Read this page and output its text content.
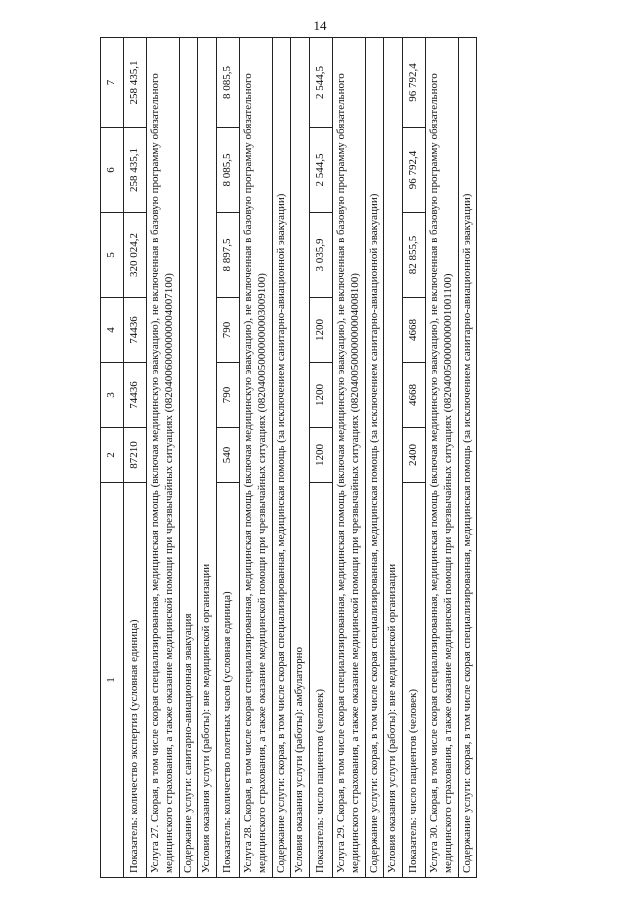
14
1	2	3	4	5	6	7
Показатель: количество экспертиз (условная единица)	87210	74436	74436	320 024,2	258 435,1	258 435,1
Услуга 27. Скорая, в том числе скорая специализированная, медицинская помощь (включая медицинскую эвакуацию), не включенная в базовую программу обязательного медицинского страхования, а также оказание медицинской помощи при чрезвычайных ситуациях (082040060000000004007100)						
Содержание услуги: санитарно-авиационная эвакуация						
Условия оказания услуги (работы): вне медицинской организации						
Показатель: количество полетных часов (условная единица)	540	790	790	8 897,5	8 085,5	8 085,5
Услуга 28. Скорая, в том числе скорая специализированная, медицинская помощь (включая медицинскую эвакуацию), не включенная в базовую программу обязательного медицинского страхования, а также оказание медицинской помощи при чрезвычайных ситуациях (082040050000000003009100)						
Содержание услуги: скорая, в том числе скорая специализированная, медицинская помощь (за исключением санитарно-авиационной эвакуации)						
Условия оказания услуги (работы): амбулаторно						
Показатель: число пациентов (человек)	1200	1200	1200	3 035,9	2 544,5	2 544,5
Услуга 29. Скорая, в том числе скорая специализированная, медицинская помощь (включая медицинскую эвакуацию), не включенная в базовую программу обязательного медицинского страхования, а также оказание медицинской помощи при чрезвычайных ситуациях (082040050000000004008100)						
Содержание услуги: скорая, в том числе скорая специализированная, медицинская помощь (за исключением санитарно-авиационной эвакуации)						
Условия оказания услуги (работы): вне медицинской организации						
Показатель: число пациентов (человек)	2400	4668	4668	82 855,5	96 792,4	96 792,4
Услуга 30. Скорая, в том числе скорая специализированная, медицинская помощь (включая медицинскую эвакуацию), не включенная в базовую программу обязательного медицинского страхования, а также оказание медицинской помощи при чрезвычайных ситуациях (082040050000000001001100)						
Содержание услуги: скорая, в том числе скорая специализированная, медицинская помощь (за исключением санитарно-авиационной эвакуации)						
